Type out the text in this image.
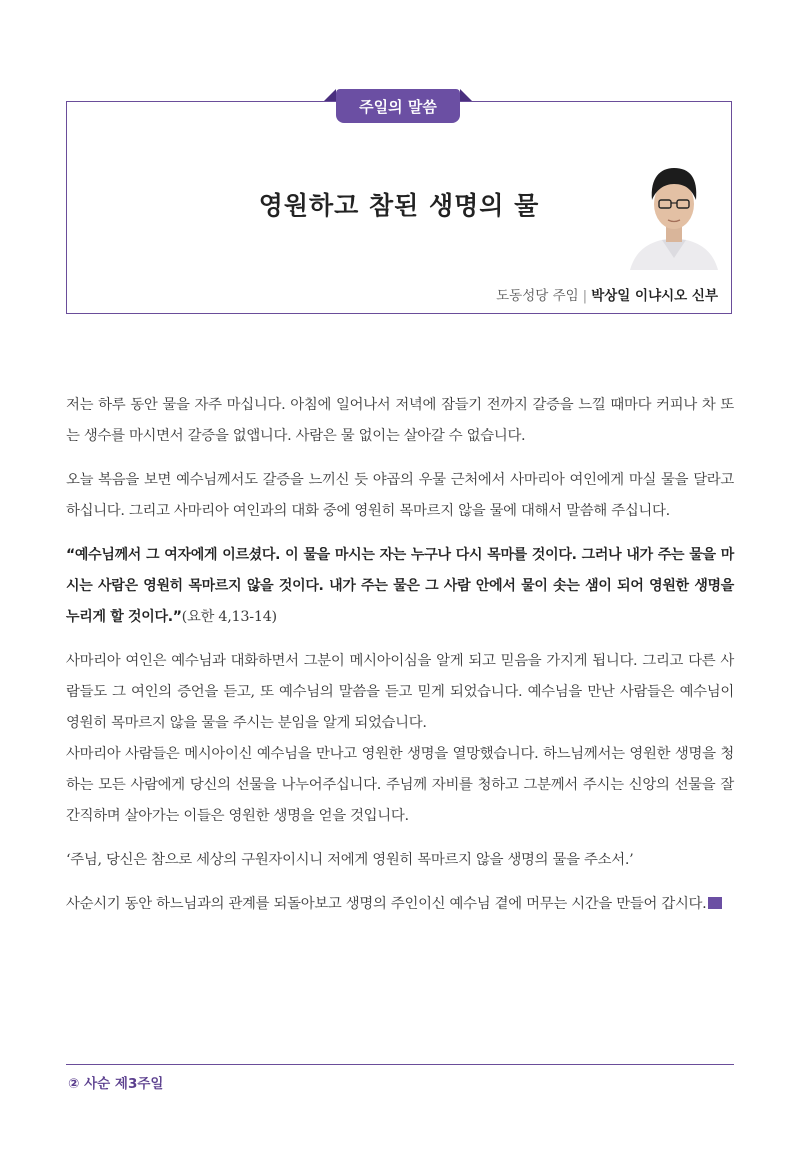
주일의 말씀
영원하고 참된 생명의 물
도동성당 주임 | 박상일 이냐시오 신부

저는 하루 동안 물을 자주 마십니다. 아침에 일어나서 저녁에 잠들기 전까지 갈증을 느낄 때마다 커피나 차 또는 생수를 마시면서 갈증을 없앱니다. 사람은 물 없이는 살아갈 수 없습니다.

오늘 복음을 보면 예수님께서도 갈증을 느끼신 듯 야곱의 우물 근처에서 사마리아 여인에게 마실 물을 달라고 하십니다. 그리고 사마리아 여인과의 대화 중에 영원히 목마르지 않을 물에 대해서 말씀해 주십니다.

“예수님께서 그 여자에게 이르셨다. 이 물을 마시는 자는 누구나 다시 목마를 것이다. 그러나 내가 주는 물을 마시는 사람은 영원히 목마르지 않을 것이다. 내가 주는 물은 그 사람 안에서 물이 솟는 샘이 되어 영원한 생명을 누리게 할 것이다.”(요한 4,13-14)

사마리아 여인은 예수님과 대화하면서 그분이 메시아이심을 알게 되고 믿음을 가지게 됩니다. 그리고 다른 사람들도 그 여인의 증언을 듣고, 또 예수님의 말씀을 듣고 믿게 되었습니다. 예수님을 만난 사람들은 예수님이 영원히 목마르지 않을 물을 주시는 분임을 알게 되었습니다.

사마리아 사람들은 메시아이신 예수님을 만나고 영원한 생명을 열망했습니다. 하느님께서는 영원한 생명을 청하는 모든 사람에게 당신의 선물을 나누어주십니다. 주님께 자비를 청하고 그분께서 주시는 신앙의 선물을 잘 간직하며 살아가는 이들은 영원한 생명을 얻을 것입니다.

‘주님, 당신은 참으로 세상의 구원자이시니 저에게 영원히 목마르지 않을 생명의 물을 주소서.’

사순시기 동안 하느님과의 관계를 되돌아보고 생명의 주인이신 예수님 곁에 머무는 시간을 만들어 갑시다.

② 사순 제3주일
